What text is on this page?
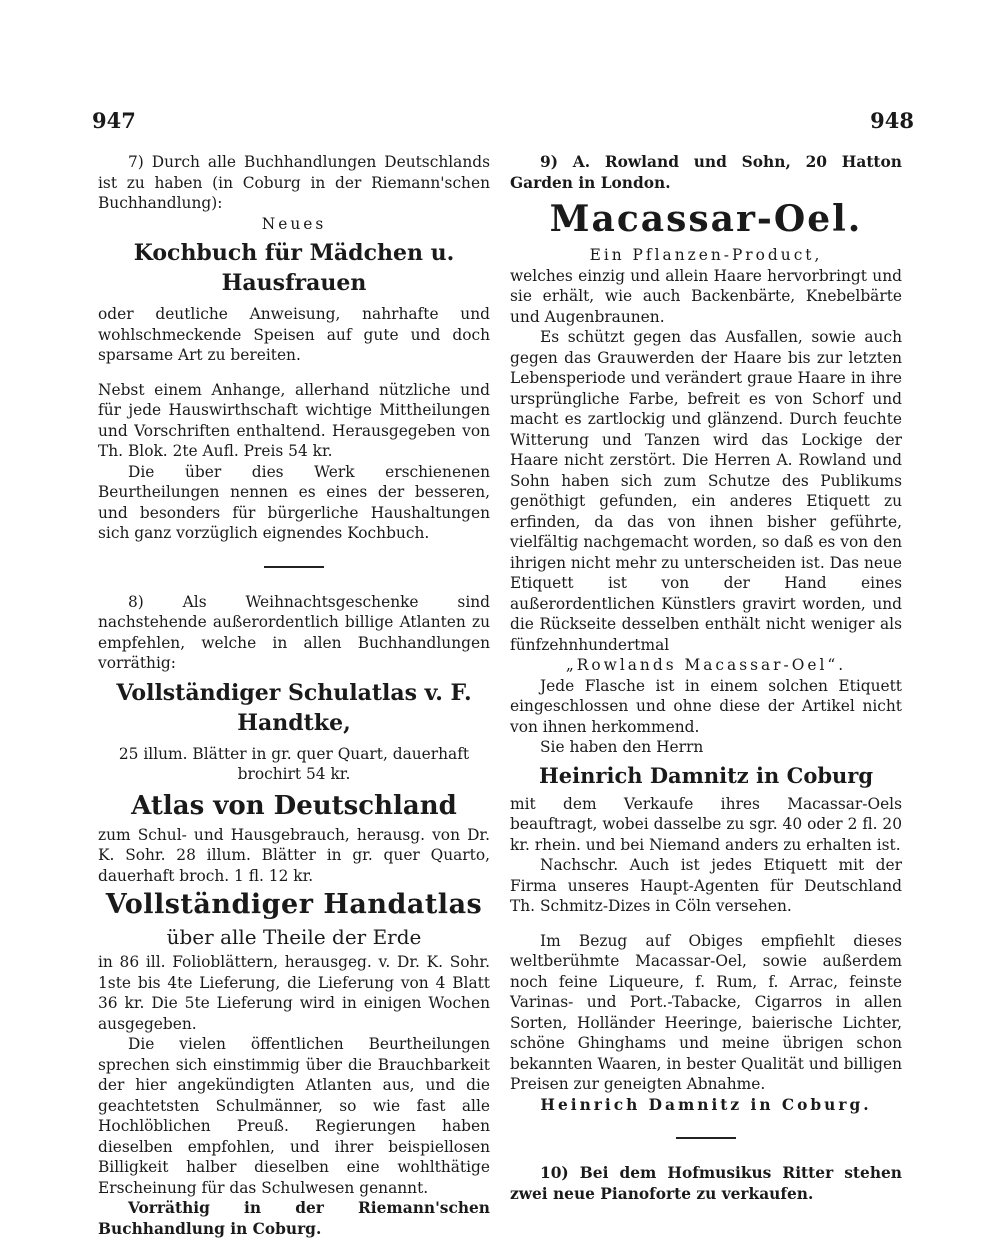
947	948

7) Durch alle Buchhandlungen Deutschlands ist zu haben (in Coburg in der Riemann'schen Buchhandlung):

Neues

Kochbuch für Mädchen u. Hausfrauen

oder deutliche Anweisung, nahrhafte und wohlschmeckende Speisen auf gute und doch sparsame Art zu bereiten.

Nebst einem Anhange, allerhand nützliche und für jede Hauswirthschaft wichtige Mittheilungen und Vorschriften enthaltend. Herausgegeben von Th. Blok. 2te Aufl. Preis 54 kr.

Die über dies Werk erschienenen Beurtheilungen nennen es eines der besseren, und besonders für bürgerliche Haushaltungen sich ganz vorzüglich eignendes Kochbuch.

8) Als Weihnachtsgeschenke sind nachstehende außerordentlich billige Atlanten zu empfehlen, welche in allen Buchhandlungen vorräthig:

Vollständiger Schulatlas v. F. Handtke,

25 illum. Blätter in gr. quer Quart, dauerhaft brochirt 54 kr.

Atlas von Deutschland

zum Schul- und Hausgebrauch, herausg. von Dr. K. Sohr. 28 illum. Blätter in gr. quer Quarto, dauerhaft broch. 1 fl. 12 kr.

Vollständiger Handatlas
über alle Theile der Erde

in 86 ill. Folioblättern, herausgeg. v. Dr. K. Sohr. 1ste bis 4te Lieferung, die Lieferung von 4 Blatt 36 kr. Die 5te Lieferung wird in einigen Wochen ausgegeben.

Die vielen öffentlichen Beurtheilungen sprechen sich einstimmig über die Brauchbarkeit der hier angekündigten Atlanten aus, und die geachtetsten Schulmänner, so wie fast alle Hochlöblichen Preuß. Regierungen haben dieselben empfohlen, und ihrer beispiellosen Billigkeit halber dieselben eine wohlthätige Erscheinung für das Schulwesen genannt.

Vorräthig in der Riemann'schen Buchhandlung in Coburg.

9) A. Rowland und Sohn, 20 Hatton Garden in London.

Macassar-Oel.

Ein Pflanzen-Product,

welches einzig und allein Haare hervorbringt und sie erhält, wie auch Backenbärte, Knebelbärte und Augenbraunen.

Es schützt gegen das Ausfallen, sowie auch gegen das Grauwerden der Haare bis zur letzten Lebensperiode und verändert graue Haare in ihre ursprüngliche Farbe, befreit es von Schorf und macht es zartlockig und glänzend. Durch feuchte Witterung und Tanzen wird das Lockige der Haare nicht zerstört. Die Herren A. Rowland und Sohn haben sich zum Schutze des Publikums genöthigt gefunden, ein anderes Etiquett zu erfinden, da das von ihnen bisher geführte, vielfältig nachgemacht worden, so daß es von den ihrigen nicht mehr zu unterscheiden ist. Das neue Etiquett ist von der Hand eines außerordentlichen Künstlers gravirt worden, und die Rückseite desselben enthält nicht weniger als fünfzehnhundertmal

„Rowlands Macassar-Oel“.

Jede Flasche ist in einem solchen Etiquett eingeschlossen und ohne diese der Artikel nicht von ihnen herkommend.

Sie haben den Herrn

Heinrich Damnitz in Coburg

mit dem Verkaufe ihres Macassar-Oels beauftragt, wobei dasselbe zu sgr. 40 oder 2 fl. 20 kr. rhein. und bei Niemand anders zu erhalten ist.

Nachschr. Auch ist jedes Etiquett mit der Firma unseres Haupt-Agenten für Deutschland Th. Schmitz-Dizes in Cöln versehen.

Im Bezug auf Obiges empfiehlt dieses weltberühmte Macassar-Oel, sowie außerdem noch feine Liqueure, f. Rum, f. Arrac, feinste Varinas- und Port.-Tabacke, Cigarros in allen Sorten, Holländer Heeringe, baierische Lichter, schöne Ghinghams und meine übrigen schon bekannten Waaren, in bester Qualität und billigen Preisen zur geneigten Abnahme.

Heinrich Damnitz in Coburg.

10) Bei dem Hofmusikus Ritter stehen zwei neue Pianoforte zu verkaufen.
